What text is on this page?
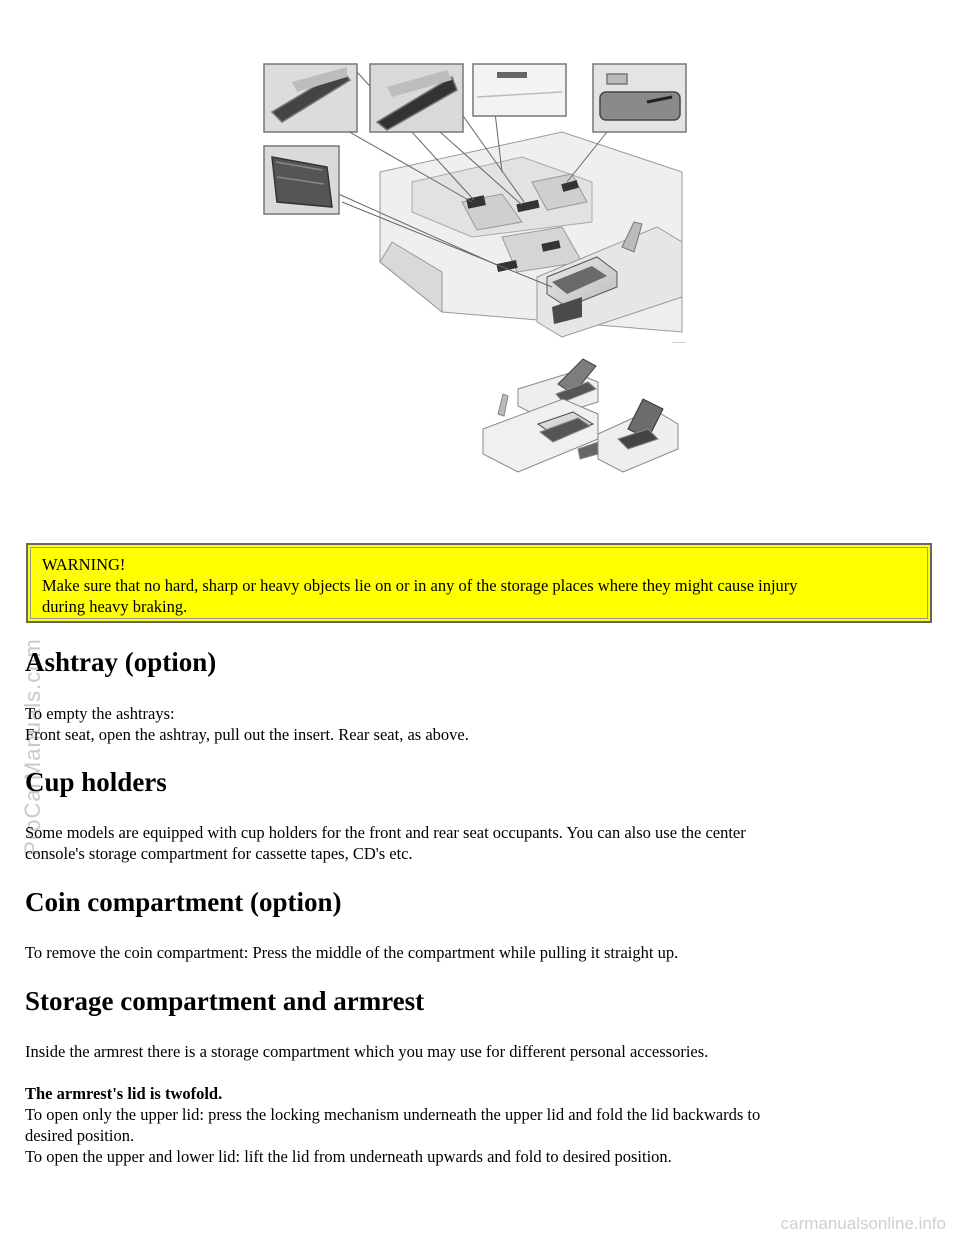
ProCarManuals.com
_____
WARNING!
Make sure that no hard, sharp or heavy objects lie on or in any of the storage places where they might cause injury
during heavy braking.
Ashtray (option)
To empty the ashtrays:
Front seat, open the ashtray, pull out the insert. Rear seat, as above.
Cup holders
Some models are equipped with cup holders for the front and rear seat occupants. You can also use the center
console's storage compartment for cassette tapes, CD's etc.
Coin compartment (option)
To remove the coin compartment: Press the middle of the compartment while pulling it straight up.
Storage compartment and armrest
Inside the armrest there is a storage compartment which you may use for different personal accessories.
The armrest's lid is twofold.
To open only the upper lid: press the locking mechanism underneath the upper lid and fold the lid backwards to
desired position.
To open the upper and lower lid: lift the lid from underneath upwards and fold to desired position.
carmanualsonline.info
